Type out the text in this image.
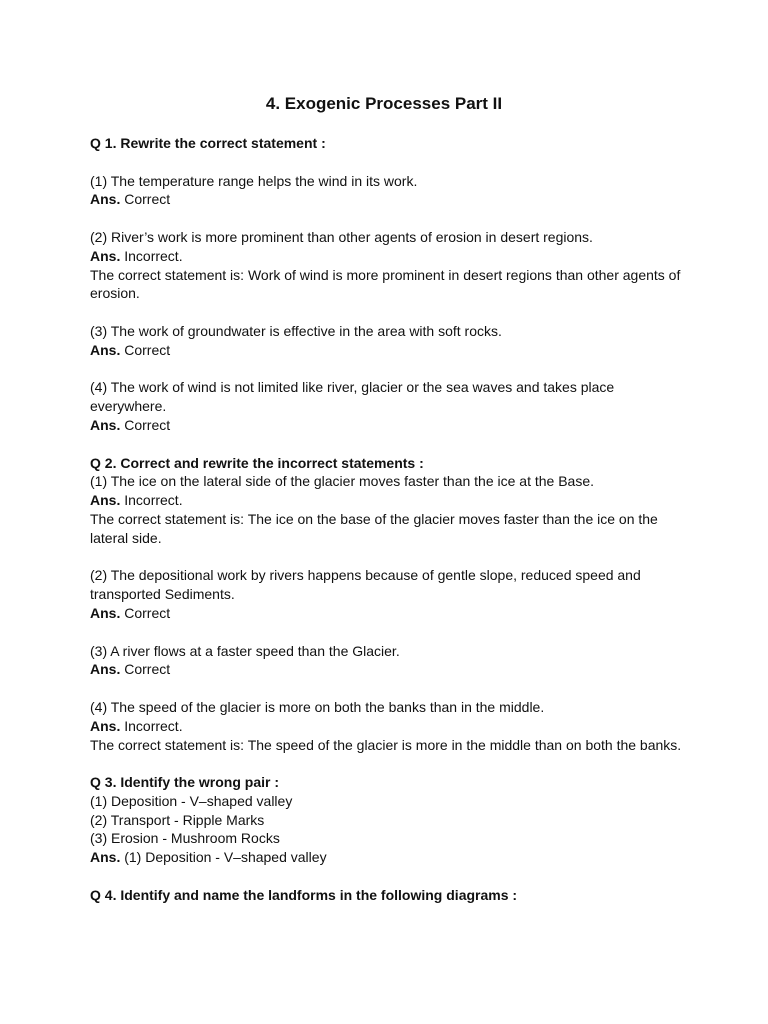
4. Exogenic Processes Part II

Q 1. Rewrite the correct statement :

(1) The temperature range helps the wind in its work.

Ans. Correct

(2) River’s work is more prominent than other agents of erosion in desert regions.

Ans. Incorrect.

The correct statement is: Work of wind is more prominent in desert regions than other agents of erosion.

(3) The work of groundwater is effective in the area with soft rocks.

Ans. Correct

(4) The work of wind is not limited like river, glacier or the sea waves and takes place everywhere.

Ans. Correct

Q 2. Correct and rewrite the incorrect statements :

(1) The ice on the lateral side of the glacier moves faster than the ice at the Base.

Ans. Incorrect.

The correct statement is: The ice on the base of the glacier moves faster than the ice on the lateral side.

(2) The depositional work by rivers happens because of gentle slope, reduced speed and transported Sediments.

Ans. Correct

(3) A river flows at a faster speed than the Glacier.

Ans. Correct

(4) The speed of the glacier is more on both the banks than in the middle.

Ans. Incorrect.

The correct statement is: The speed of the glacier is more in the middle than on both the banks.

Q 3. Identify the wrong pair :

(1) Deposition - V–shaped valley

(2) Transport - Ripple Marks

(3) Erosion - Mushroom Rocks

Ans. (1) Deposition - V–shaped valley

Q 4. Identify and name the landforms in the following diagrams :
